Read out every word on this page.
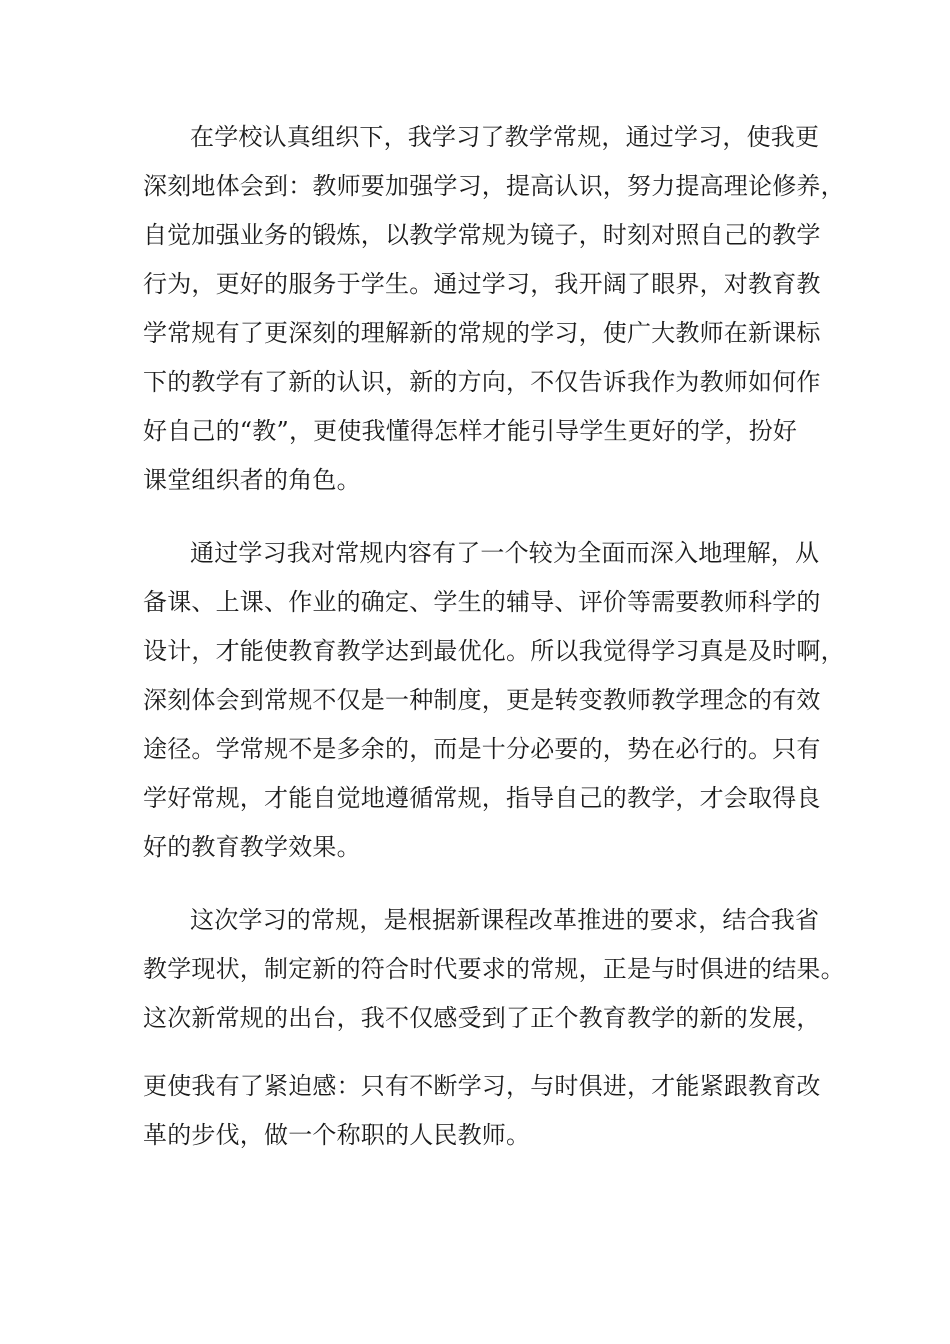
在学校认真组织下，我学习了教学常规，通过学习，使我更
深刻地体会到：教师要加强学习，提高认识，努力提高理论修养，
自觉加强业务的锻炼，以教学常规为镜子，时刻对照自己的教学
行为，更好的服务于学生。通过学习，我开阔了眼界，对教育教
学常规有了更深刻的理解新的常规的学习，使广大教师在新课标
下的教学有了新的认识，新的方向，不仅告诉我作为教师如何作
好自己的“教”，更使我懂得怎样才能引导学生更好的学，扮好
课堂组织者的角色。
通过学习我对常规内容有了一个较为全面而深入地理解，从
备课、上课、作业的确定、学生的辅导、评价等需要教师科学的
设计，才能使教育教学达到最优化。所以我觉得学习真是及时啊，
深刻体会到常规不仅是一种制度，更是转变教师教学理念的有效
途径。学常规不是多余的，而是十分必要的，势在必行的。只有
学好常规，才能自觉地遵循常规，指导自己的教学，才会取得良
好的教育教学效果。
这次学习的常规，是根据新课程改革推进的要求，结合我省
教学现状，制定新的符合时代要求的常规，正是与时俱进的结果。
这次新常规的出台，我不仅感受到了正个教育教学的新的发展，
更使我有了紧迫感：只有不断学习，与时俱进，才能紧跟教育改
革的步伐，做一个称职的人民教师。
